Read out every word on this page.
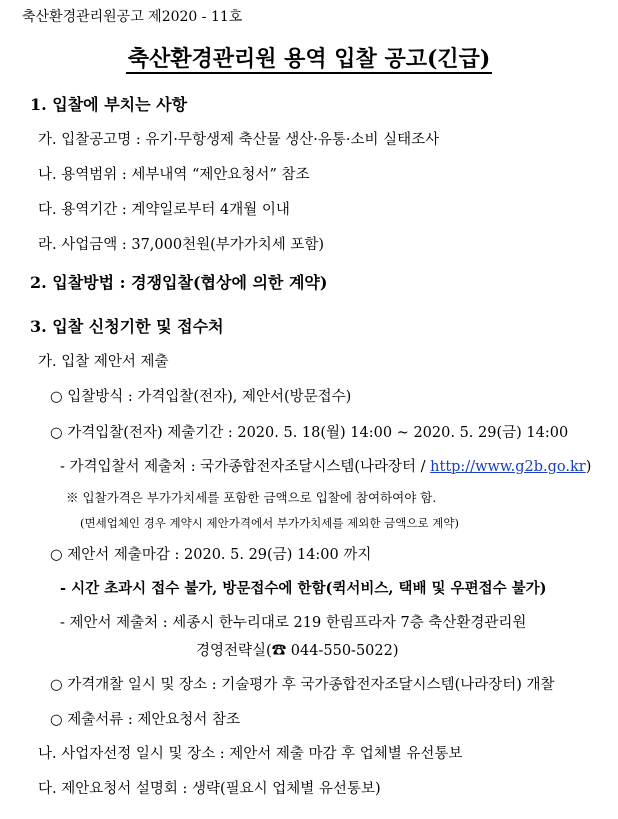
축산환경관리원공고 제2020 - 11호
축산환경관리원 용역 입찰 공고(긴급)
1. 입찰에 부치는 사항
가. 입찰공고명 : 유기·무항생제 축산물 생산·유통·소비 실태조사
나. 용역범위 : 세부내역 “제안요청서” 참조
다. 용역기간 : 계약일로부터 4개월 이내
라. 사업금액 : 37,000천원(부가가치세 포함)
2. 입찰방법 : 경쟁입찰(협상에 의한 계약)
3. 입찰 신청기한 및 접수처
가. 입찰 제안서 제출
○ 입찰방식 : 가격입찰(전자), 제안서(방문접수)
○ 가격입찰(전자) 제출기간 : 2020. 5. 18(월) 14:00 ~ 2020. 5. 29(금) 14:00
- 가격입찰서 제출처 : 국가종합전자조달시스템(나라장터 / http://www.g2b.go.kr)
※ 입찰가격은 부가가치세를 포함한 금액으로 입찰에 참여하여야 함.
(면세업체인 경우 계약시 제안가격에서 부가가치세를 제외한 금액으로 계약)
○ 제안서 제출마감 : 2020. 5. 29(금) 14:00 까지
- 시간 초과시 접수 불가, 방문접수에 한함(퀵서비스, 택배 및 우편접수 불가)
- 제안서 제출처 : 세종시 한누리대로 219 한림프라자 7층 축산환경관리원
경영전략실(☎ 044-550-5022)
○ 가격개찰 일시 및 장소 : 기술평가 후 국가종합전자조달시스템(나라장터) 개찰
○ 제출서류 : 제안요청서 참조
나. 사업자선정 일시 및 장소 : 제안서 제출 마감 후 업체별 유선통보
다. 제안요청서 설명회 : 생략(필요시 업체별 유선통보)
